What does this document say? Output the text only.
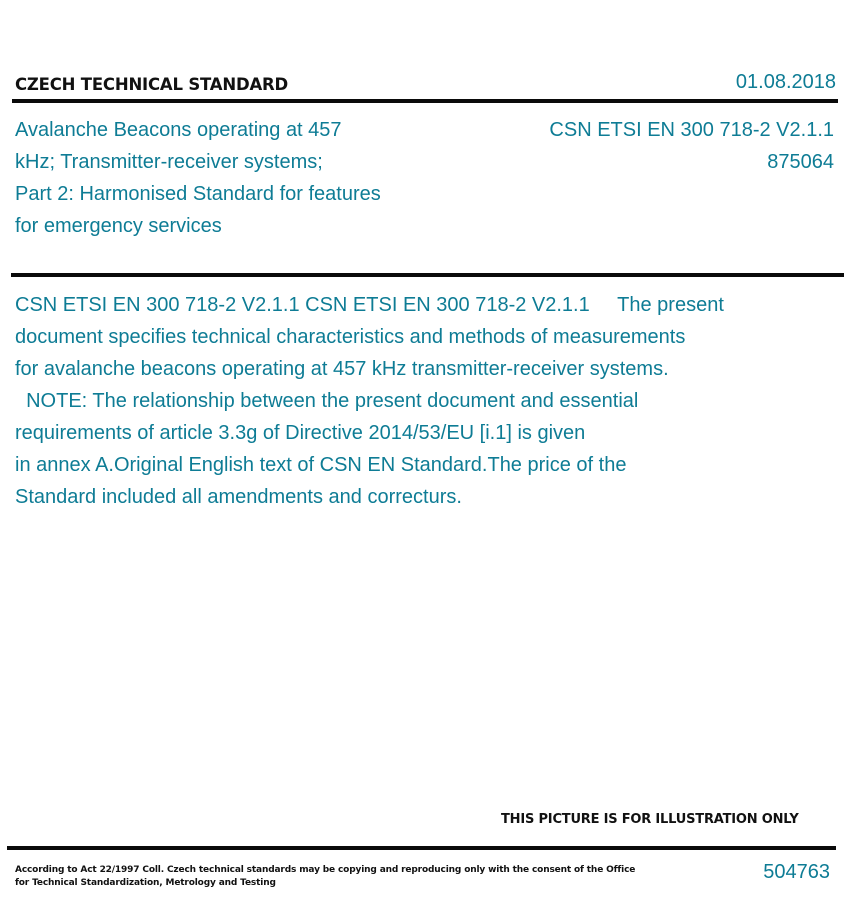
CZECH TECHNICAL STANDARD	01.08.2018
Avalanche Beacons operating at 457
kHz; Transmitter-receiver systems;
Part 2: Harmonised Standard for features
for emergency services
CSN ETSI EN 300 718-2 V2.1.1
875064
CSN ETSI EN 300 718-2 V2.1.1 CSN ETSI EN 300 718-2 V2.1.1     The present
document specifies technical characteristics and methods of measurements
for avalanche beacons operating at 457 kHz transmitter-receiver systems.
NOTE: The relationship between the present document and essential
requirements of article 3.3g of Directive 2014/53/EU [i.1] is given
in annex A.Original English text of CSN EN Standard.The price of the
Standard included all amendments and correcturs.
THIS PICTURE IS FOR ILLUSTRATION ONLY
According to Act 22/1997 Coll. Czech technical standards may be copying and reproducing only with the consent of the Office
for Technical Standardization, Metrology and Testing	504763
